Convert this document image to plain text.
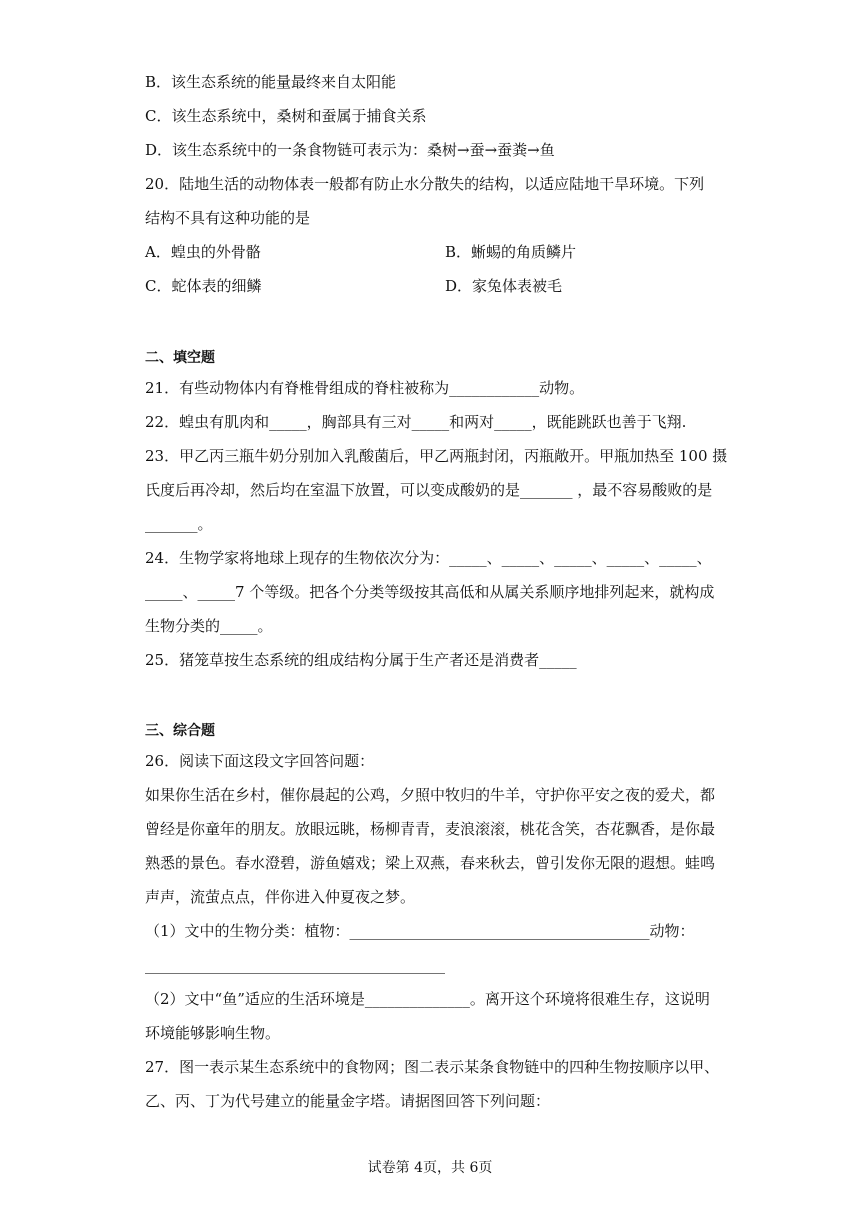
B．该生态系统的能量最终来自太阳能
C．该生态系统中，桑树和蚕属于捕食关系
D．该生态系统中的一条食物链可表示为：桑树→蚕→蚕粪→鱼
20．陆地生活的动物体表一般都有防止水分散失的结构，以适应陆地干旱环境。下列
结构不具有这种功能的是
A．蝗虫的外骨骼	B．蜥蜴的角质鳞片
C．蛇体表的细鳞	D．家兔体表被毛
二、填空题
21．有些动物体内有脊椎骨组成的脊柱被称为____________动物。
22．蝗虫有肌肉和_____，胸部具有三对_____和两对_____，既能跳跃也善于飞翔.
23．甲乙丙三瓶牛奶分别加入乳酸菌后，甲乙两瓶封闭，丙瓶敞开。甲瓶加热至 100 摄
氏度后再冷却，然后均在室温下放置，可以变成酸奶的是_______ ，最不容易酸败的是
_______。
24．生物学家将地球上现存的生物依次分为：_____、_____、_____、_____、_____、
_____、_____7 个等级。把各个分类等级按其高低和从属关系顺序地排列起来，就构成
生物分类的_____。
25．猪笼草按生态系统的组成结构分属于生产者还是消费者_____
三、综合题
26．阅读下面这段文字回答问题：
如果你生活在乡村，催你晨起的公鸡，夕照中牧归的牛羊，守护你平安之夜的爱犬，都
曾经是你童年的朋友。放眼远眺，杨柳青青，麦浪滚滚，桃花含笑，杏花飘香，是你最
熟悉的景色。春水澄碧，游鱼嬉戏；梁上双燕，春来秋去，曾引发你无限的遐想。蛙鸣
声声，流萤点点，伴你进入仲夏夜之梦。
（1）文中的生物分类：植物：________________________________________动物：
________________________________________
（2）文中“鱼”适应的生活环境是______________。离开这个环境将很难生存，这说明
环境能够影响生物。
27．图一表示某生态系统中的食物网；图二表示某条食物链中的四种生物按顺序以甲、
乙、丙、丁为代号建立的能量金字塔。请据图回答下列问题：
试卷第 4页，共 6页
